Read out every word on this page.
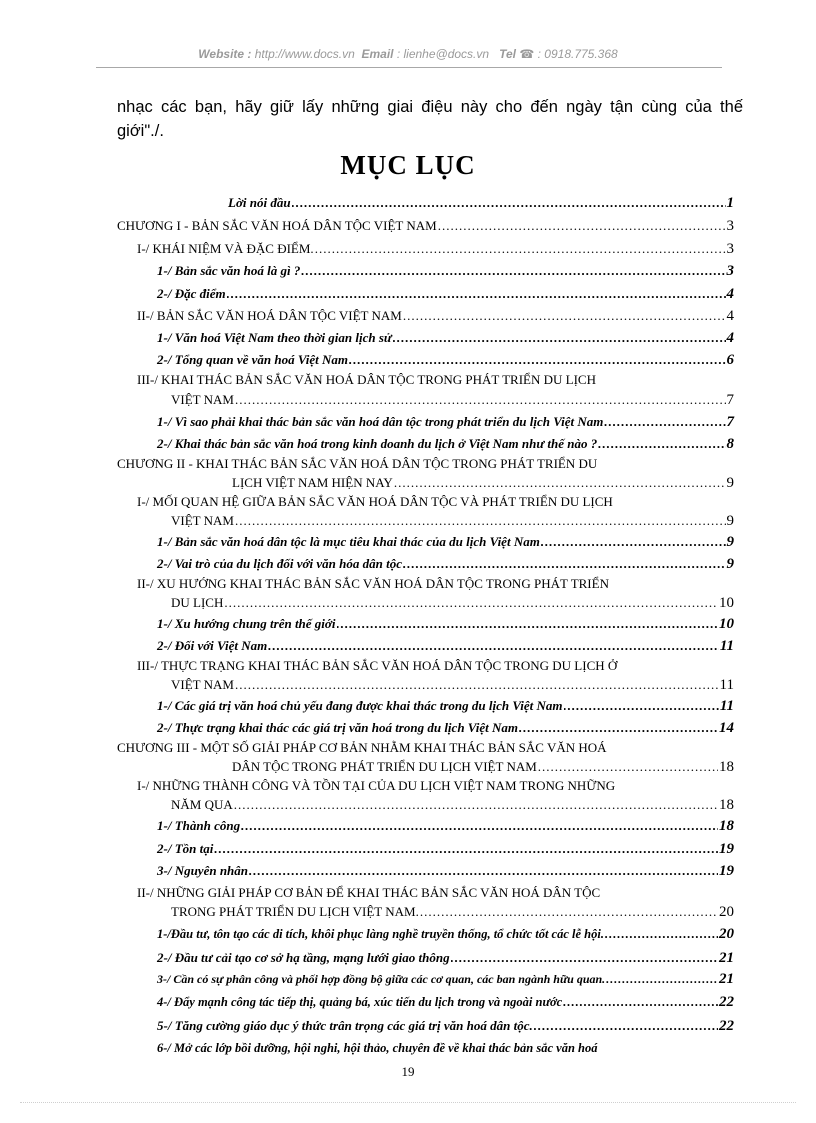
Website : http://www.docs.vn Email : lienhe@docs.vn Tel ☎ : 0918.775.368
nhạc các bạn, hãy giữ lấy những giai điệu này cho đến ngày tận cùng của thế
giới"./.
MỤC LỤC
Lời nói đầu .....	1
CHƯƠNG I - BẢN SẮC VĂN HOÁ DÂN TỘC VIỆT NAM .....	3
I-/ KHÁI NIỆM VÀ ĐẶC ĐIỂM. .....	3
1-/ Bản sắc văn hoá là gì ? .....	3
2-/ Đặc điểm .....	4
II-/ BẢN SẮC VĂN HOÁ DÂN TỘC VIỆT NAM .....	4
1-/ Văn hoá Việt Nam theo thời gian lịch sử .....	4
2-/ Tổng quan về văn hoá Việt Nam .....	6
III-/ KHAI THÁC BẢN SẮC VĂN HOÁ DÂN TỘC TRONG PHÁT TRIỂN DU LỊCH
VIỆT NAM .....	7
1-/ Vì sao phải khai thác bản sắc văn hoá dân tộc trong phát triển du lịch Việt Nam .....	7
2-/ Khai thác bản sắc văn hoá trong kinh doanh du lịch ở Việt Nam như thế nào ? .....	8
CHƯƠNG II - KHAI THÁC BẢN SẮC VĂN HOÁ DÂN TỘC TRONG PHÁT TRIỂN DU
LỊCH VIỆT NAM HIỆN NAY .....	9
I-/ MỐI QUAN HỆ GIỮA BẢN SẮC VĂN HOÁ DÂN TỘC VÀ PHÁT TRIỂN DU LỊCH
VIỆT NAM .....	9
1-/ Bản sắc văn hoá dân tộc là mục tiêu khai thác của du lịch Việt Nam .....	9
2-/ Vai trò của du lịch đối với văn hóa dân tộc .....	9
II-/ XU HƯỚNG KHAI THÁC BẢN SẮC VĂN HOÁ DÂN TỘC TRONG PHÁT TRIỂN
DU LỊCH .....	10
1-/ Xu hướng chung trên thế giới .....	10
2-/ Đối với Việt Nam .....	11
III-/ THỰC TRẠNG KHAI THÁC BẢN SẮC VĂN HOÁ DÂN TỘC TRONG DU LỊCH Ở
VIỆT NAM .....	11
1-/ Các giá trị văn hoá chủ yếu đang được khai thác trong du lịch Việt Nam .....	11
2-/ Thực trạng khai thác các giá trị văn hoá trong du lịch Việt Nam .....	14
CHƯƠNG III - MỘT SỐ GIẢI PHÁP CƠ BẢN NHẰM KHAI THÁC BẢN SẮC VĂN HOÁ
DÂN TỘC TRONG PHÁT TRIỂN DU LỊCH VIỆT NAM .....	18
I-/ NHỮNG THÀNH CÔNG VÀ TỒN TẠI CỦA DU LỊCH VIỆT NAM TRONG NHỮNG
NĂM QUA .....	18
1-/ Thành công .....	18
2-/ Tồn tại .....	19
3-/ Nguyên nhân .....	19
II-/ NHỮNG GIẢI PHÁP CƠ BẢN ĐỂ KHAI THÁC BẢN SẮC VĂN HOÁ DÂN TỘC
TRONG PHÁT TRIỂN DU LỊCH VIỆT NAM. .....	20
1-/Đầu tư, tôn tạo các di tích, khôi phục làng nghề truyền thống, tổ chức tốt các lễ hội. .....	20
2-/ Đầu tư cải tạo cơ sở hạ tầng, mạng lưới giao thông .....	21
3-/ Cần có sự phân công và phối hợp đồng bộ giữa các cơ quan, các ban ngành hữu quan. .....	21
4-/ Đẩy mạnh công tác tiếp thị, quảng bá, xúc tiến du lịch trong và ngoài nước .....	22
5-/ Tăng cường giáo dục ý thức trân trọng các giá trị văn hoá dân tộc. .....	22
6-/ Mở các lớp bồi dưỡng, hội nghi, hội thảo, chuyên đề về khai thác bản sắc văn hoá
19
